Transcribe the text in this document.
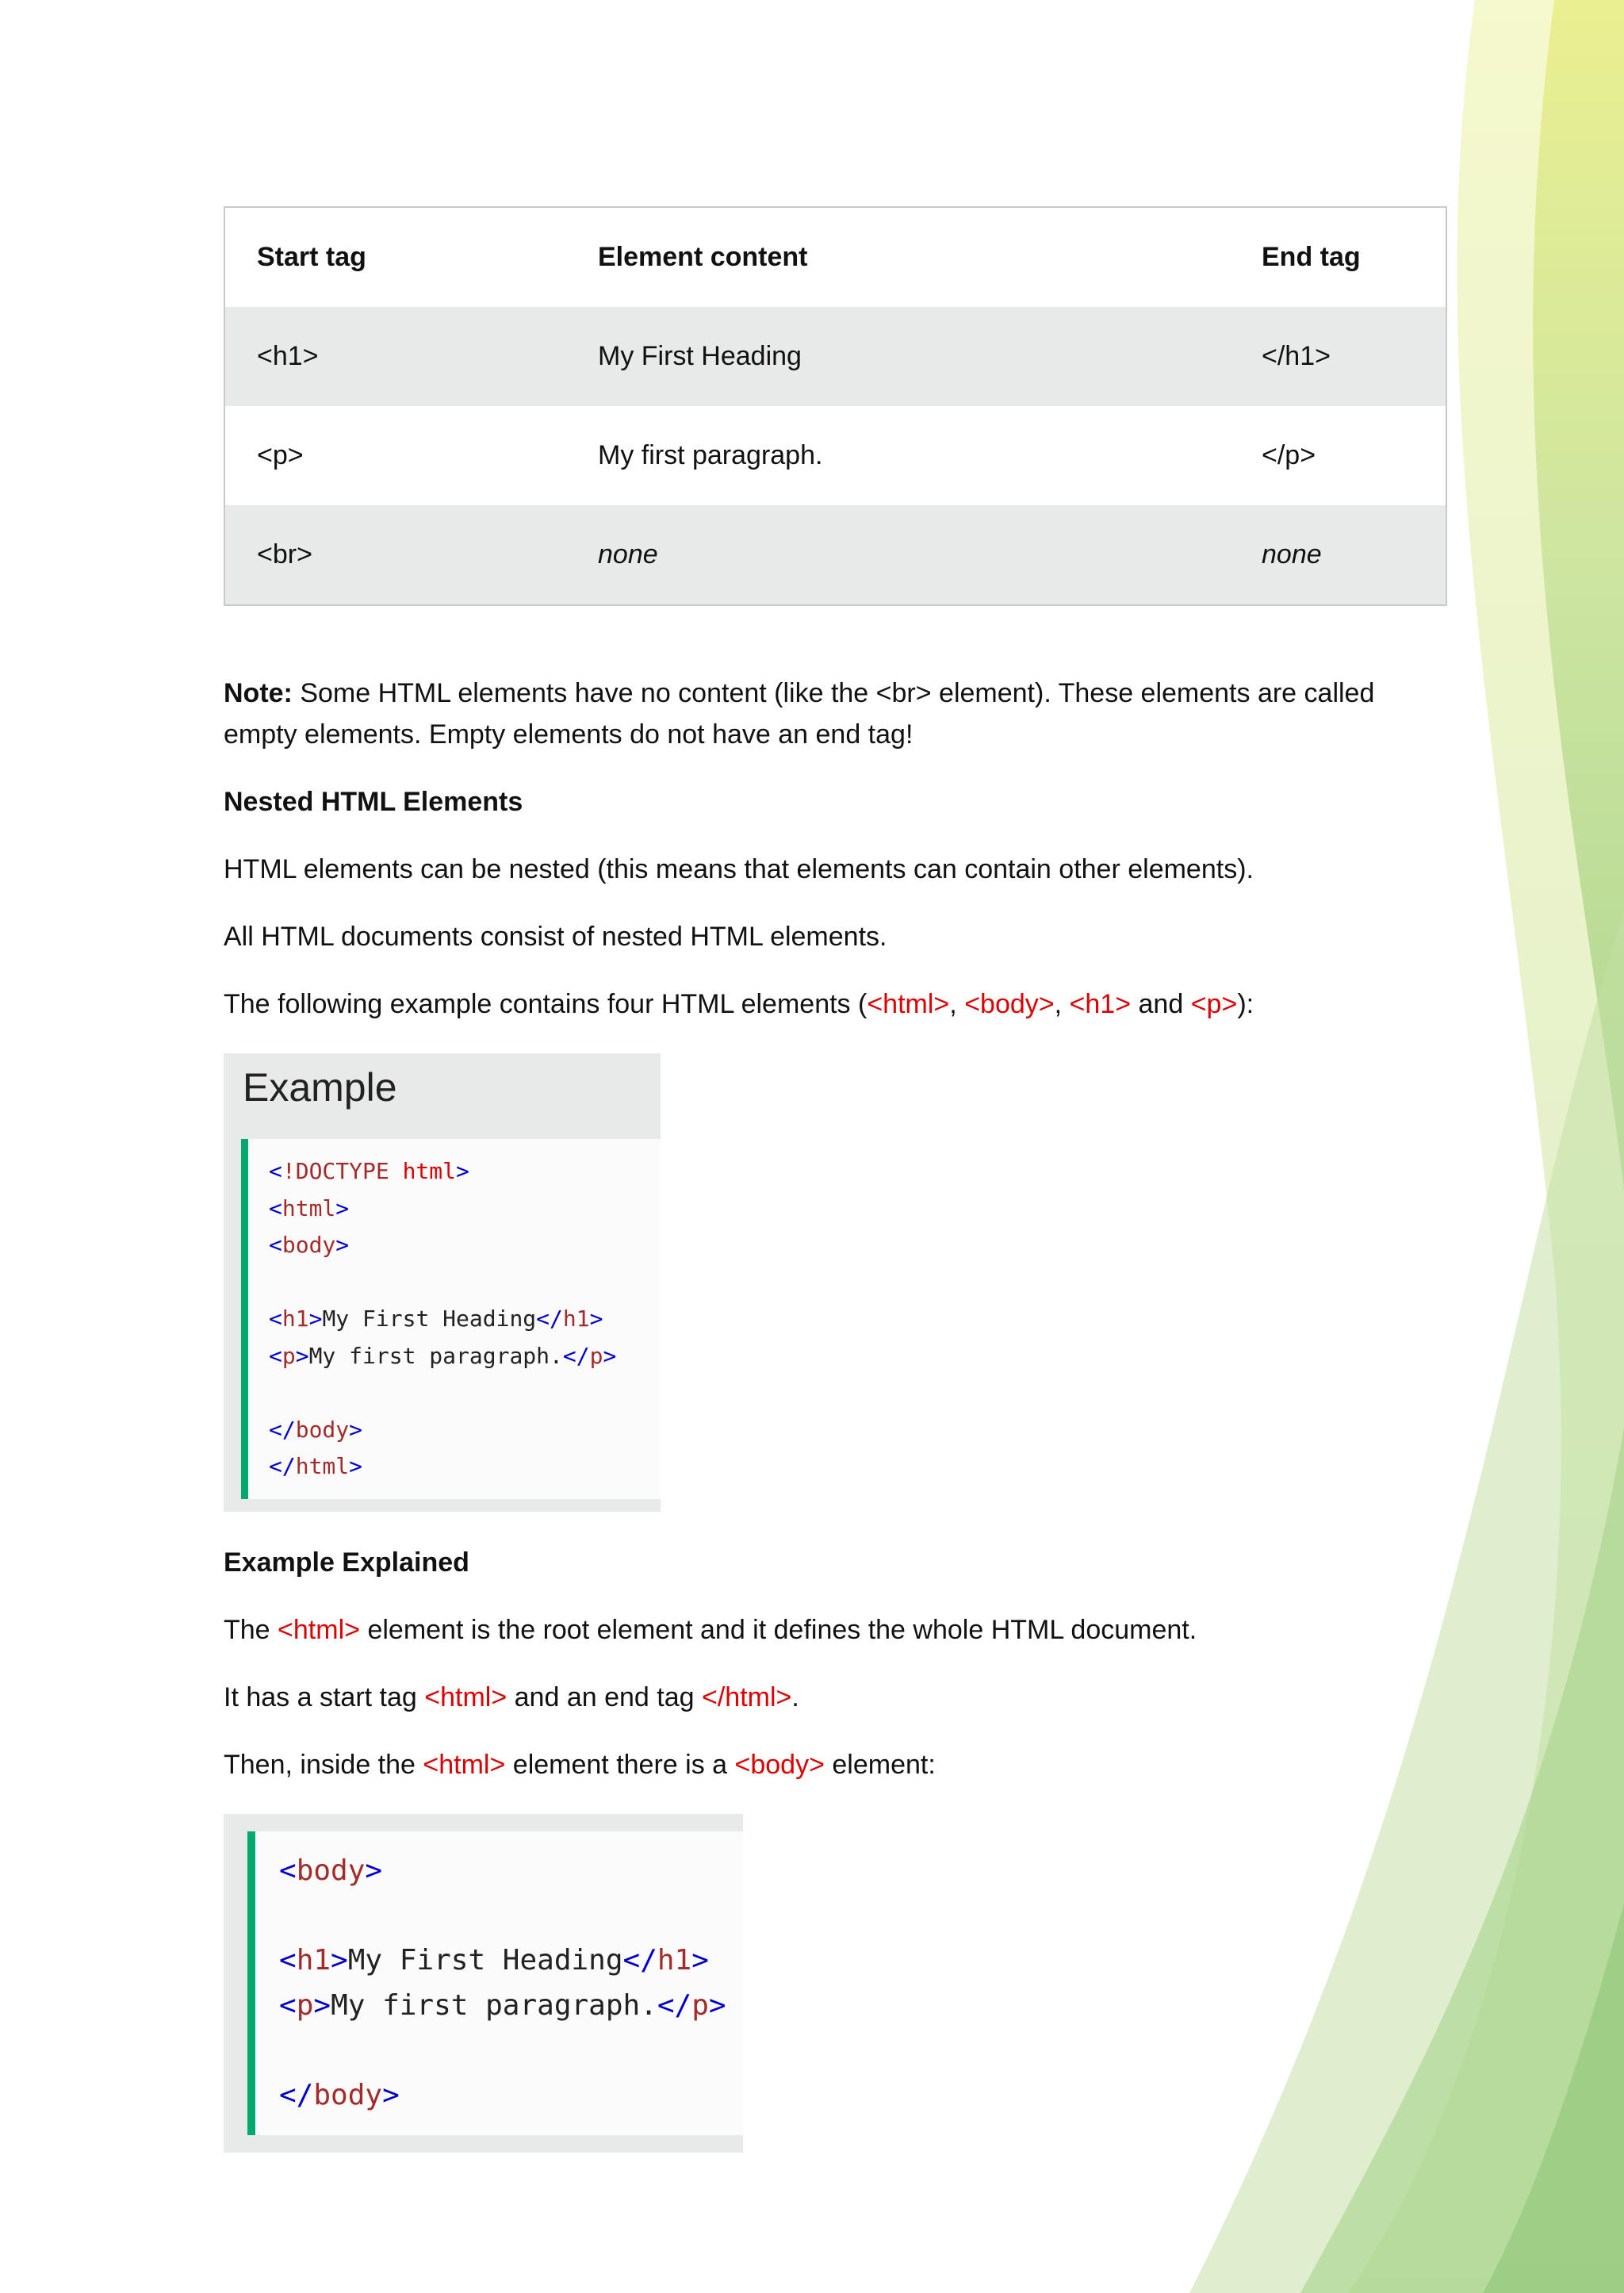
Start tag	Element content	End tag
<h1>	My First Heading	</h1>
<p>	My first paragraph.	</p>
<br>	none	none
Note: Some HTML elements have no content (like the <br> element). These elements are called
empty elements. Empty elements do not have an end tag!
Nested HTML Elements
HTML elements can be nested (this means that elements can contain other elements).
All HTML documents consist of nested HTML elements.
The following example contains four HTML elements (<html>, <body>, <h1> and <p>):
Example
<!DOCTYPE html>
<html>
<body>

<h1>My First Heading</h1>
<p>My first paragraph.</p>

</body>
</html>
Example Explained
The <html> element is the root element and it defines the whole HTML document.
It has a start tag <html> and an end tag </html>.
Then, inside the <html> element there is a <body> element:
<body>

<h1>My First Heading</h1>
<p>My first paragraph.</p>

</body>
